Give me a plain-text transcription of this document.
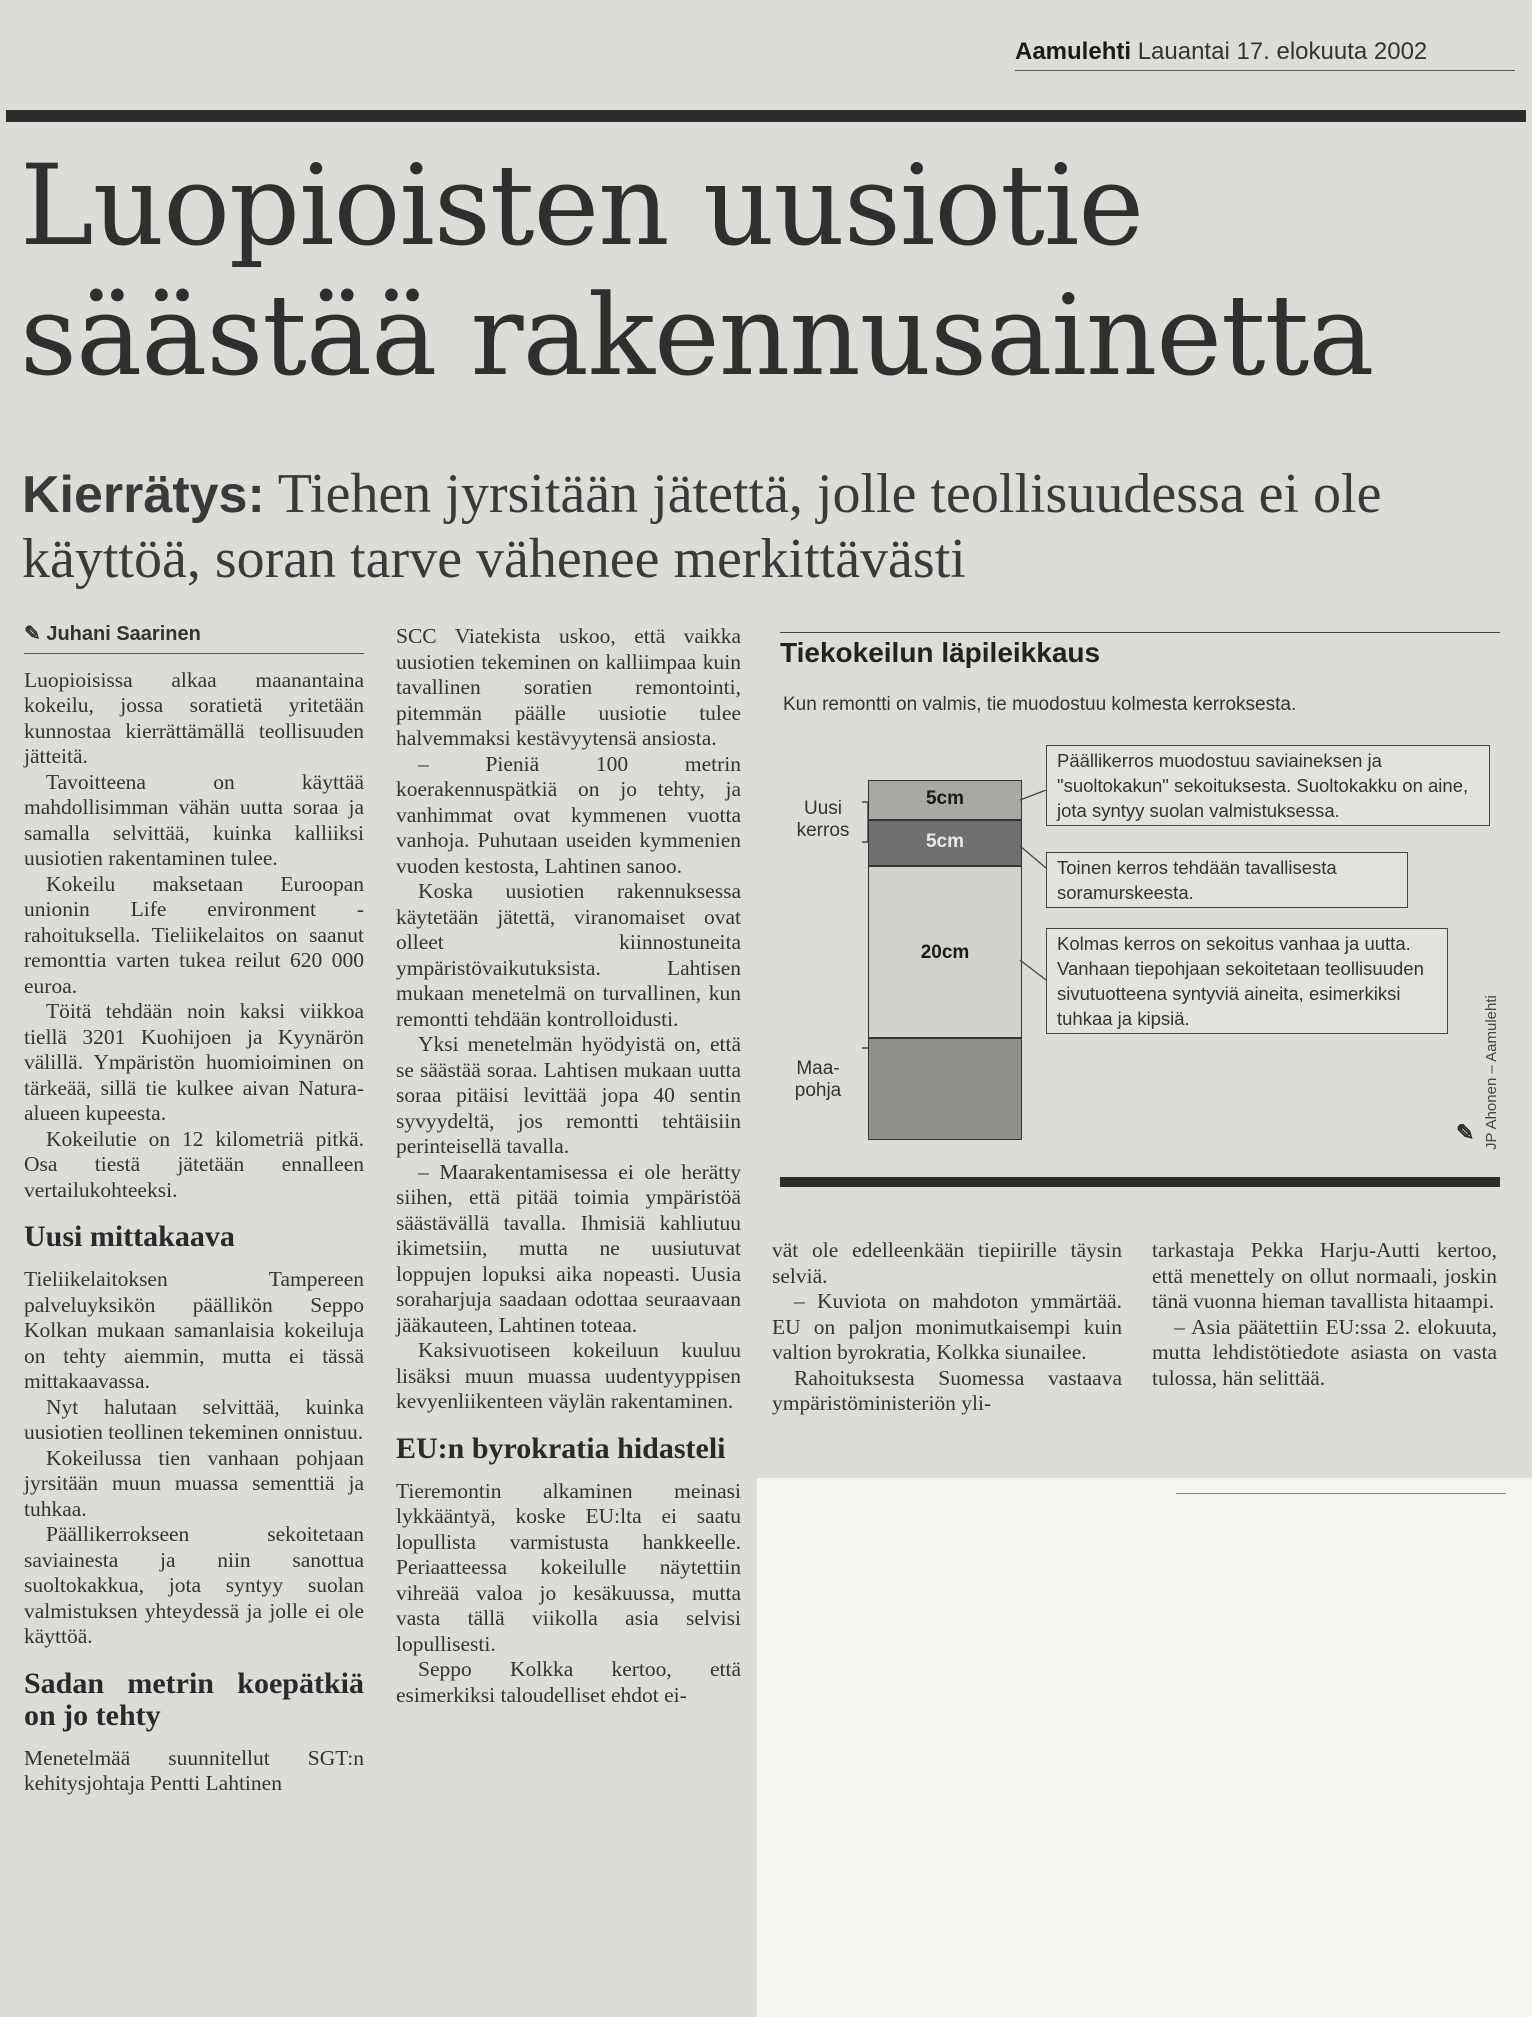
Aamulehti Lauantai 17. elokuuta 2002
Luopioisten uusiotie
säästää rakennusainetta
Kierrätys: Tiehen jyrsitään jätettä, jolle teollisuudessa ei ole käyttöä, soran tarve vähenee merkittävästi
✎ Juhani Saarinen

Luopioisissa alkaa maanantaina kokeilu, jossa soratietä yritetään kunnostaa kierrättämällä teollisuuden jätteitä.

Tavoitteena on käyttää mahdollisimman vähän uutta soraa ja samalla selvittää, kuinka kalliiksi uusiotien rakentaminen tulee.

Kokeilu maksetaan Euroopan unionin Life environment -rahoituksella. Tieliikelaitos on saanut remonttia varten tukea reilut 620 000 euroa.

Töitä tehdään noin kaksi viikkoa tiellä 3201 Kuohijoen ja Kyynärön välillä. Ympäristön huomioiminen on tärkeää, sillä tie kulkee aivan Natura-alueen kupeesta.

Kokeilutie on 12 kilometriä pitkä. Osa tiestä jätetään ennalleen vertailukohteeksi.

Uusi mittakaava

Tieliikelaitoksen Tampereen palveluyksikön päällikön Seppo Kolkan mukaan samanlaisia kokeiluja on tehty aiemmin, mutta ei tässä mittakaavassa.

Nyt halutaan selvittää, kuinka uusiotien teollinen tekeminen onnistuu.

Kokeilussa tien vanhaan pohjaan jyrsitään muun muassa sementtiä ja tuhkaa.

Päällikerrokseen sekoitetaan saviainesta ja niin sanottua suoltokakkua, jota syntyy suolan valmistuksen yhteydessä ja jolle ei ole käyttöä.

Sadan metrin koepätkiä on jo tehty

Menetelmää suunnitellut SGT:n kehitysjohtaja Pentti Lahtinen

SCC Viatekista uskoo, että vaikka uusiotien tekeminen on kalliimpaa kuin tavallinen soratien remontointi, pitemmän päälle uusiotie tulee halvemmaksi kestävyytensä ansiosta.

– Pieniä 100 metrin koerakennuspätkiä on jo tehty, ja vanhimmat ovat kymmenen vuotta vanhoja. Puhutaan useiden kymmenien vuoden kestosta, Lahtinen sanoo.

Koska uusiotien rakennuksessa käytetään jätettä, viranomaiset ovat olleet kiinnostuneita ympäristövaikutuksista. Lahtisen mukaan menetelmä on turvallinen, kun remontti tehdään kontrolloidusti.

Yksi menetelmän hyödyistä on, että se säästää soraa. Lahtisen mukaan uutta soraa pitäisi levittää jopa 40 sentin syvyydeltä, jos remontti tehtäisiin perinteisellä tavalla.

– Maarakentamisessa ei ole herätty siihen, että pitää toimia ympäristöä säästävällä tavalla. Ihmisiä kahliutuu ikimetsiin, mutta ne uusiutuvat loppujen lopuksi aika nopeasti. Uusia soraharjuja saadaan odottaa seuraavaan jääkauteen, Lahtinen toteaa.

Kaksivuotiseen kokeiluun kuuluu lisäksi muun muassa uudentyyppisen kevyenliikenteen väylän rakentaminen.

EU:n byrokratia hidasteli

Tieremontin alkaminen meinasi lykkääntyä, koske EU:lta ei saatu lopullista varmistusta hankkeelle. Periaatteessa kokeilulle näytettiin vihreää valoa jo kesäkuussa, mutta vasta tällä viikolla asia selvisi lopullisesti.

Seppo Kolkka kertoo, että esimerkiksi taloudelliset ehdot ei-

Tiekokeilun läpileikkaus
Kun remontti on valmis, tie muodostuu kolmesta kerroksesta.
Uusi kerros
Maa-pohja
5cm
5cm
20cm
Päällikerros muodostuu saviaineksen ja "suoltokakun" sekoituksesta. Suoltokakku on aine, jota syntyy suolan valmistuksessa.
Toinen kerros tehdään tavallisesta soramurskeesta.
Kolmas kerros on sekoitus vanhaa ja uutta. Vanhaan tiepohjaan sekoitetaan teollisuuden sivutuotteena syntyviä aineita, esimerkiksi tuhkaa ja kipsiä.	JP Ahonen – Aamulehti
✎

vät ole edelleenkään tiepiirille täysin selviä.

– Kuviota on mahdoton ymmärtää. EU on paljon monimutkaisempi kuin valtion byrokratia, Kolkka siunailee.

Rahoituksesta Suomessa vastaava ympäristöministeriön yli-

tarkastaja Pekka Harju-Autti kertoo, että menettely on ollut normaali, joskin tänä vuonna hieman tavallista hitaampi.

– Asia päätettiin EU:ssa 2. elokuuta, mutta lehdistötiedote asiasta on vasta tulossa, hän selittää.
